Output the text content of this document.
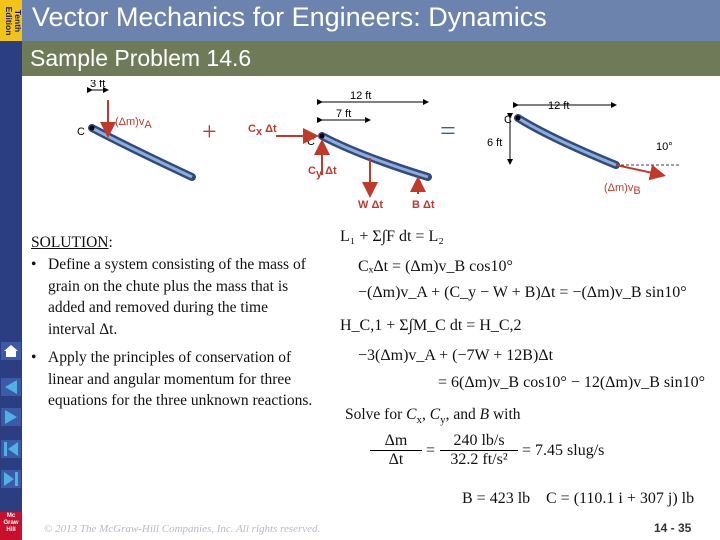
Tenth
Edition Vector Mechanics for Engineers: Dynamics
Sample Problem 14.6
Mc Graw Hill
C
3 ft
(Δm)vA +	C
12 ft
7 ft
Cx Δt
Cy Δt
W Δt	B Δt
=	C
12 ft
6 ft	10°
(Δm)vB
SOLUTION:
• Define a system consisting of the mass of grain on the chute plus the mass that is added and removed during the time interval Δt.
• Apply the principles of conservation of linear and angular momentum for three equations for the three unknown reactions.
L₁ + Σ∫F dt = L₂
CₓΔt = (Δm)v_B cos10°
−(Δm)v_A + (C_y − W + B)Δt = −(Δm)v_B sin10°
H_C,1 + Σ∫M_C dt = H_C,2
−3(Δm)v_A + (−7W + 12B)Δt
= 6(Δm)v_B cos10° − 12(Δm)v_B sin10°
Solve for $C_x$, $C_y$, and B with
$\frac{\Delta m}{\Delta t} = \frac{240 lb/s}{\text{32.2 ft/s²}} = 7.45$ slug/s
B = 423 lb C = (110.1 i + 307 j) lb
© 2013 The McGraw-Hill Companies, Inc. All rights reserved.	14 - 35
